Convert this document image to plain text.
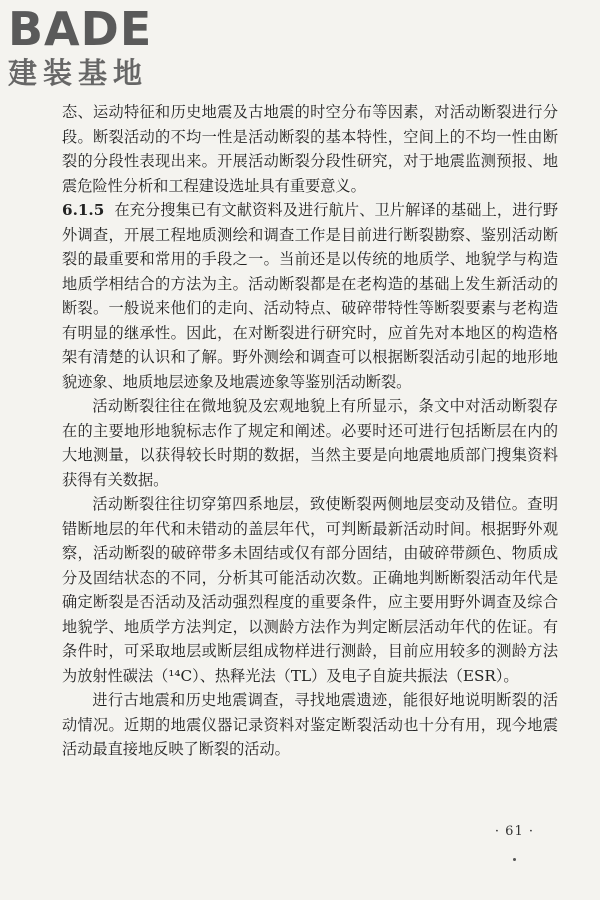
BADE
建装基地

态、运动特征和历史地震及古地震的时空分布等因素，对活动断裂进行分段。断裂活动的不均一性是活动断裂的基本特性，空间上的不均一性由断裂的分段性表现出来。开展活动断裂分段性研究，对于地震监测预报、地震危险性分析和工程建设选址具有重要意义。

6.1.5 在充分搜集已有文献资料及进行航片、卫片解译的基础上，进行野外调查，开展工程地质测绘和调查工作是目前进行断裂勘察、鉴别活动断裂的最重要和常用的手段之一。当前还是以传统的地质学、地貌学与构造地质学相结合的方法为主。活动断裂都是在老构造的基础上发生新活动的断裂。一般说来他们的走向、活动特点、破碎带特性等断裂要素与老构造有明显的继承性。因此，在对断裂进行研究时，应首先对本地区的构造格架有清楚的认识和了解。野外测绘和调查可以根据断裂活动引起的地形地貌迹象、地质地层迹象及地震迹象等鉴别活动断裂。

活动断裂往往在微地貌及宏观地貌上有所显示，条文中对活动断裂存在的主要地形地貌标志作了规定和阐述。必要时还可进行包括断层在内的大地测量，以获得较长时期的数据，当然主要是向地震地质部门搜集资料获得有关数据。

活动断裂往往切穿第四系地层，致使断裂两侧地层变动及错位。查明错断地层的年代和未错动的盖层年代，可判断最新活动时间。根据野外观察，活动断裂的破碎带多未固结或仅有部分固结，由破碎带颜色、物质成分及固结状态的不同，分析其可能活动次数。正确地判断断裂活动年代是确定断裂是否活动及活动强烈程度的重要条件，应主要用野外调查及综合地貌学、地质学方法判定，以测龄方法作为判定断层活动年代的佐证。有条件时，可采取地层或断层组成物样进行测龄，目前应用较多的测龄方法为放射性碳法（¹⁴C）、热释光法（TL）及电子自旋共振法（ESR）。

进行古地震和历史地震调查，寻找地震遗迹，能很好地说明断裂的活动情况。近期的地震仪器记录资料对鉴定断裂活动也十分有用，现今地震活动最直接地反映了断裂的活动。

· 61 ·
